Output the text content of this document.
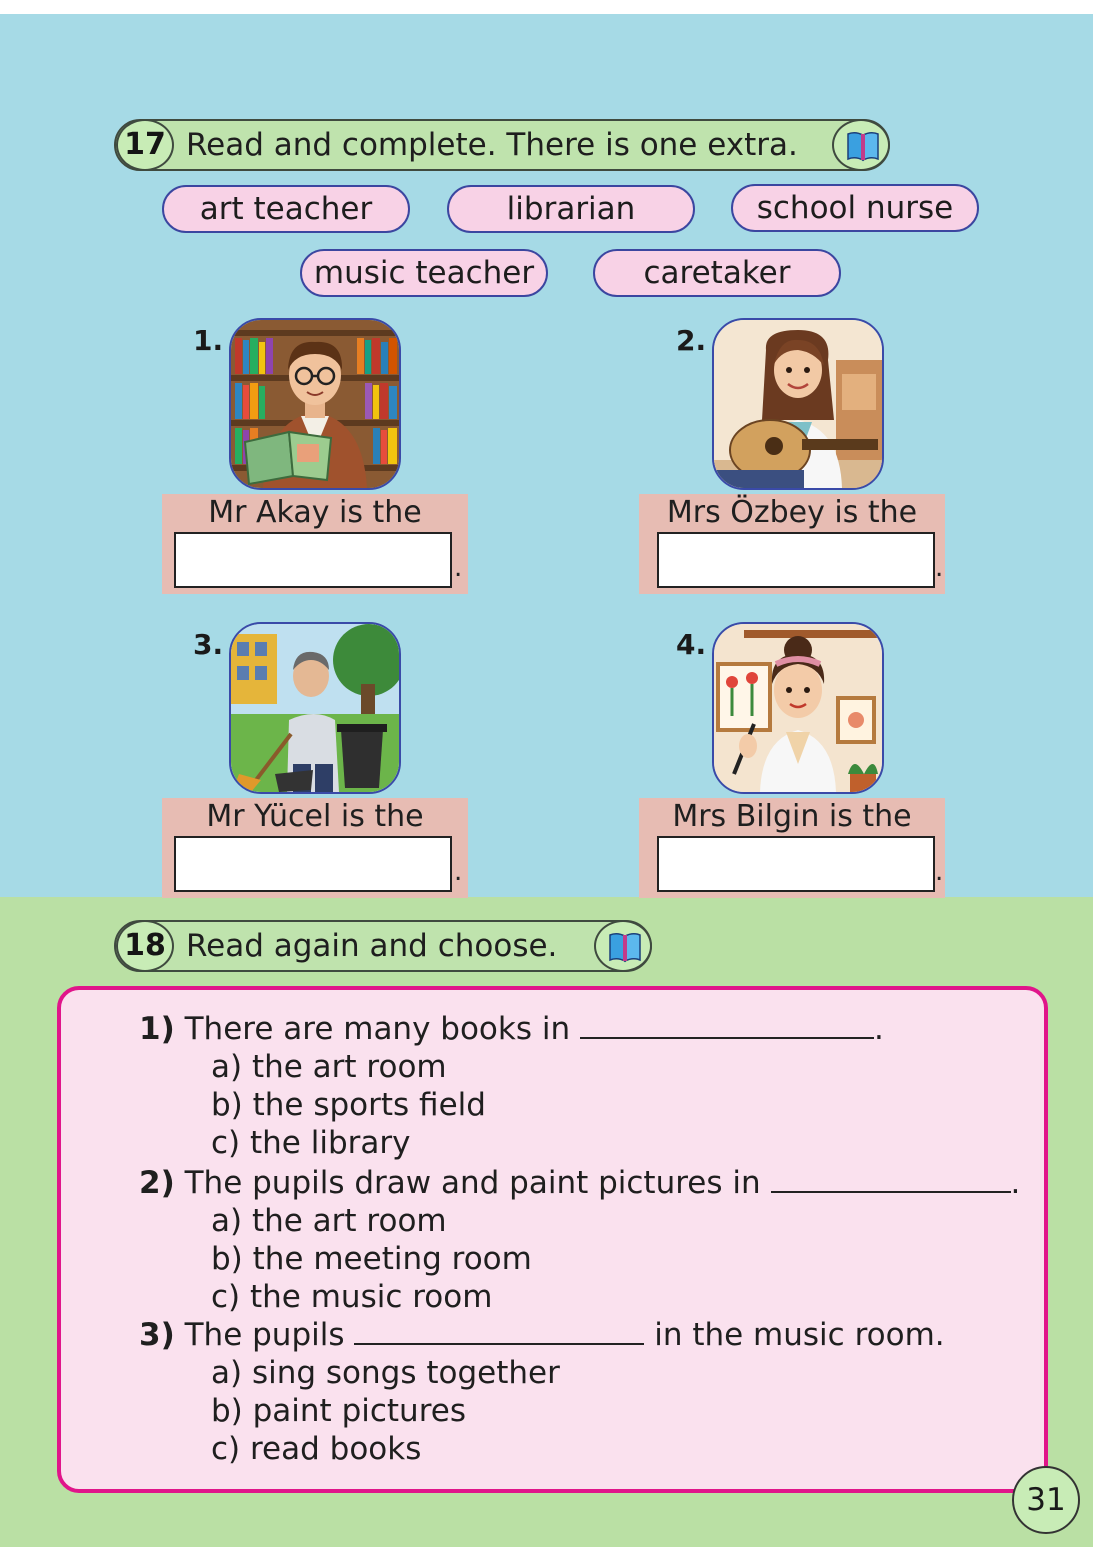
17 Read and complete. There is one extra.
art teacher	librarian	school nurse
music teacher	caretaker
1.
Mr Akay is the
.
2.
Mrs Özbey is the
.
3.
Mr Yücel is the
.
4.
Mrs Bilgin is the
.
18 Read again and choose.
1) There are many books in	.
a) the art room
b) the sports field
c) the library
2) The pupils draw and paint pictures in	.
a) the art room
b) the meeting room
c) the music room
3) The pupils	in the music room.
a) sing songs together
b) paint pictures
c) read books
31
